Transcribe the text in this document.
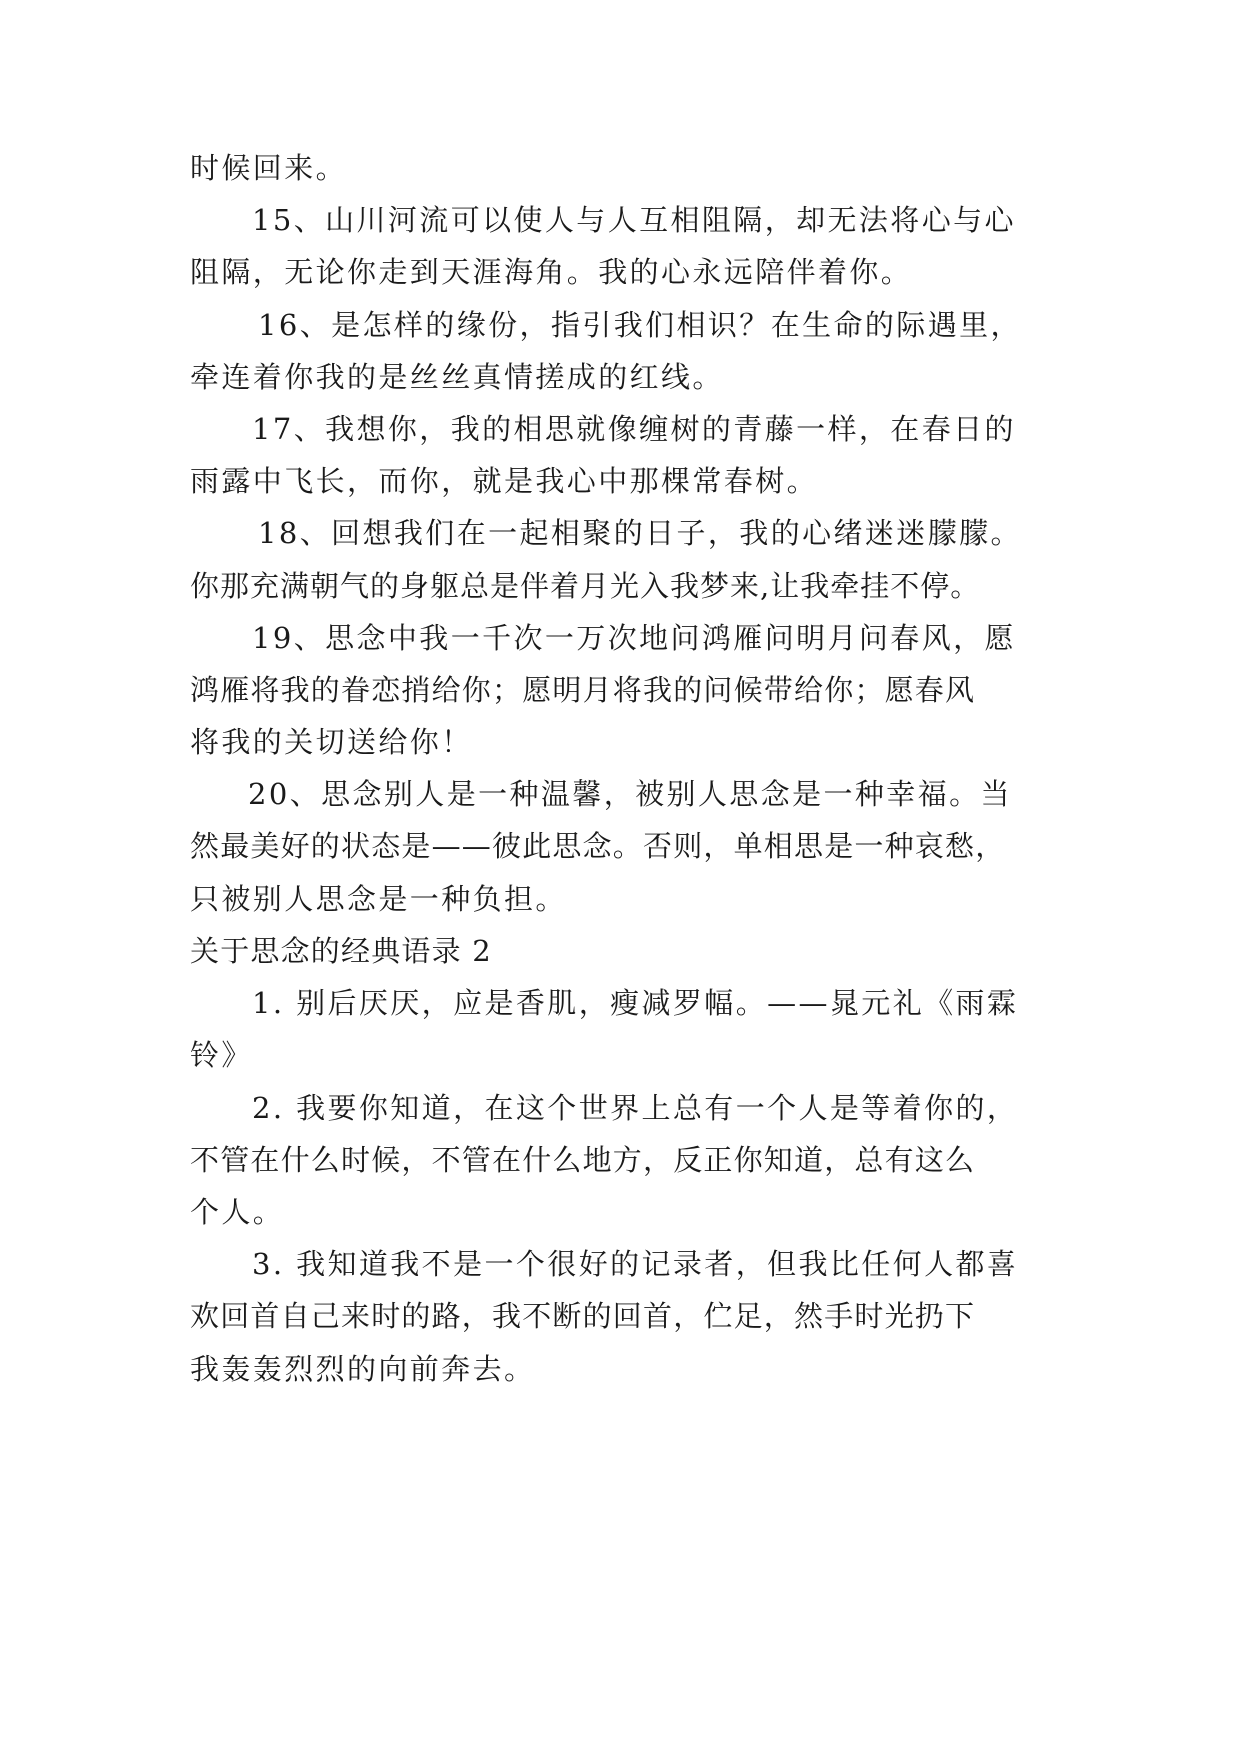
时候回来。
15、山川河流可以使人与人互相阻隔，却无法将心与心
阻隔，无论你走到天涯海角。我的心永远陪伴着你。
16、是怎样的缘份，指引我们相识？在生命的际遇里，
牵连着你我的是丝丝真情搓成的红线。
17、我想你，我的相思就像缠树的青藤一样，在春日的
雨露中飞长，而你，就是我心中那棵常春树。
18、回想我们在一起相聚的日子，我的心绪迷迷朦朦。
你那充满朝气的身躯总是伴着月光入我梦来,让我牵挂不停。
19、思念中我一千次一万次地问鸿雁问明月问春风，愿
鸿雁将我的眷恋捎给你；愿明月将我的问候带给你；愿春风
将我的关切送给你！
20、思念别人是一种温馨，被别人思念是一种幸福。当
然最美好的状态是——彼此思念。否则，单相思是一种哀愁，
只被别人思念是一种负担。
关于思念的经典语录 2
1. 别后厌厌，应是香肌，瘦减罗幅。——晁元礼《雨霖
铃》
2. 我要你知道，在这个世界上总有一个人是等着你的，
不管在什么时候，不管在什么地方，反正你知道，总有这么
个人。
3. 我知道我不是一个很好的记录者，但我比任何人都喜
欢回首自己来时的路，我不断的回首，伫足，然手时光扔下
我轰轰烈烈的向前奔去。
